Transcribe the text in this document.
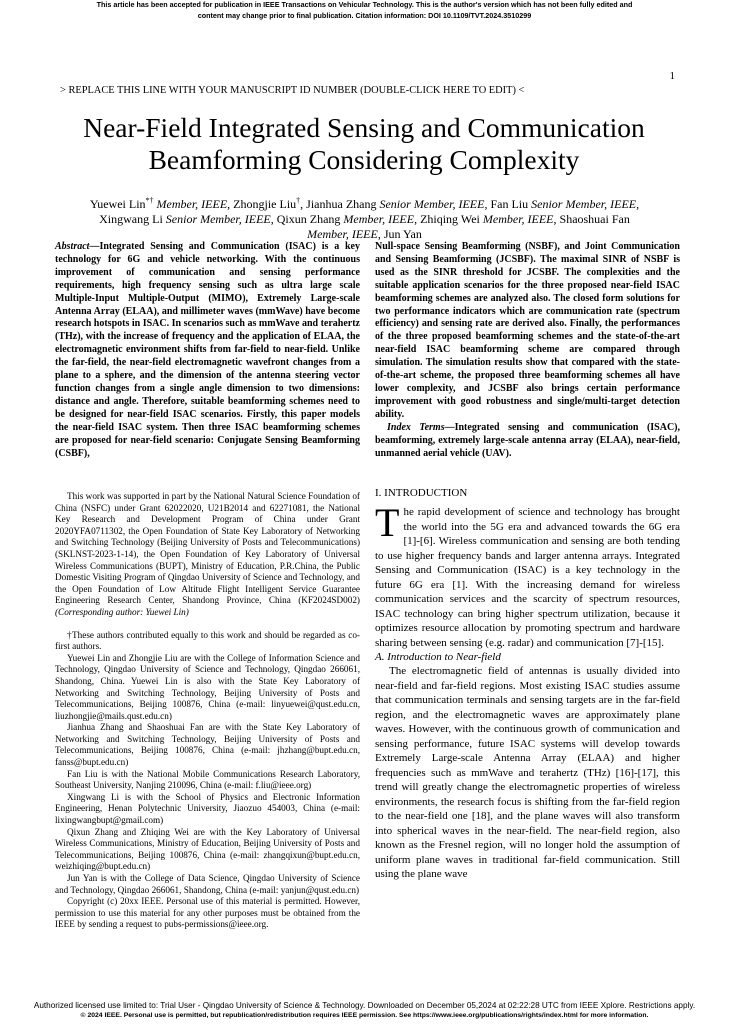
This article has been accepted for publication in IEEE Transactions on Vehicular Technology. This is the author's version which has not been fully edited and
content may change prior to final publication. Citation information: DOI 10.1109/TVT.2024.3510299
1
> REPLACE THIS LINE WITH YOUR MANUSCRIPT ID NUMBER (DOUBLE-CLICK HERE TO EDIT) <
Near-Field Integrated Sensing and Communication
Beamforming Considering Complexity
Yuewei Lin*† Member, IEEE, Zhongjie Liu†, Jianhua Zhang Senior Member, IEEE, Fan Liu Senior Member, IEEE,
Xingwang Li Senior Member, IEEE, Qixun Zhang Member, IEEE, Zhiqing Wei Member, IEEE, Shaoshuai Fan
Member, IEEE, Jun Yan
Abstract—Integrated Sensing and Communication (ISAC) is a key technology for 6G and vehicle networking. With the continuous improvement of communication and sensing performance requirements, high frequency sensing such as ultra large scale Multiple-Input Multiple-Output (MIMO), Extremely Large-scale Antenna Array (ELAA), and millimeter waves (mmWave) have become research hotspots in ISAC. In scenarios such as mmWave and terahertz (THz), with the increase of frequency and the application of ELAA, the electromagnetic environment shifts from far-field to near-field. Unlike the far-field, the near-field electromagnetic wavefront changes from a plane to a sphere, and the dimension of the antenna steering vector function changes from a single angle dimension to two dimensions: distance and angle. Therefore, suitable beamforming schemes need to be designed for near-field ISAC scenarios. Firstly, this paper models the near-field ISAC system. Then three ISAC beamforming schemes are proposed for near-field scenario: Conjugate Sensing Beamforming (CSBF),
Null-space Sensing Beamforming (NSBF), and Joint Communication and Sensing Beamforming (JCSBF). The maximal SINR of NSBF is used as the SINR threshold for JCSBF. The complexities and the suitable application scenarios for the three proposed near-field ISAC beamforming schemes are analyzed also. The closed form solutions for two performance indicators which are communication rate (spectrum efficiency) and sensing rate are derived also. Finally, the performances of the three proposed beamforming schemes and the state-of-the-art near-field ISAC beamforming scheme are compared through simulation. The simulation results show that compared with the state-of-the-art scheme, the proposed three beamforming schemes all have lower complexity, and JCSBF also brings certain performance improvement with good robustness and single/multi-target detection ability.
Index Terms—Integrated sensing and communication (ISAC), beamforming, extremely large-scale antenna array (ELAA), near-field, unmanned aerial vehicle (UAV).

This work was supported in part by the National Natural Science Foundation of China (NSFC) under Grant 62022020, U21B2014 and 62271081, the National Key Research and Development Program of China under Grant 2020YFA0711302, the Open Foundation of State Key Laboratory of Networking and Switching Technology (Beijing University of Posts and Telecommunications) (SKLNST-2023-1-14), the Open Foundation of Key Laboratory of Universal Wireless Communications (BUPT), Ministry of Education, P.R.China, the Public Domestic Visiting Program of Qingdao University of Science and Technology, and the Open Foundation of Low Altitude Flight Intelligent Service Guarantee Engineering Research Center, Shandong Province, China (KF2024SD002) (Corresponding author: Yuewei Lin)

†These authors contributed equally to this work and should be regarded as co-first authors.

Yuewei Lin and Zhongjie Liu are with the College of Information Science and Technology, Qingdao University of Science and Technology, Qingdao 266061, Shandong, China. Yuewei Lin is also with the State Key Laboratory of Networking and Switching Technology, Beijing University of Posts and Telecommunications, Beijing 100876, China (e-mail: linyuewei@qust.edu.cn, liuzhongjie@mails.qust.edu.cn)

Jianhua Zhang and Shaoshuai Fan are with the State Key Laboratory of Networking and Switching Technology, Beijing University of Posts and Telecommunications, Beijing 100876, China (e-mail: jhzhang@bupt.edu.cn, fanss@bupt.edu.cn)

Fan Liu is with the National Mobile Communications Research Laboratory, Southeast University, Nanjing 210096, China (e-mail: f.liu@ieee.org)

Xingwang Li is with the School of Physics and Electronic Information Engineering, Henan Polytechnic University, Jiaozuo 454003, China (e-mail: lixingwangbupt@gmail.com)

Qixun Zhang and Zhiqing Wei are with the Key Laboratory of Universal Wireless Communications, Ministry of Education, Beijing University of Posts and Telecommunications, Beijing 100876, China (e-mail: zhangqixun@bupt.edu.cn, weizhiqing@bupt.edu.cn)

Jun Yan is with the College of Data Science, Qingdao University of Science and Technology, Qingdao 266061, Shandong, China (e-mail: yanjun@qust.edu.cn)

Copyright (c) 20xx IEEE. Personal use of this material is permitted. However, permission to use this material for any other purposes must be obtained from the IEEE by sending a request to pubs-permissions@ieee.org.

I. INTRODUCTION

The rapid development of science and technology has brought the world into the 5G era and advanced towards the 6G era [1]-[6]. Wireless communication and sensing are both tending to use higher frequency bands and larger antenna arrays. Integrated Sensing and Communication (ISAC) is a key technology in the future 6G era [1]. With the increasing demand for wireless communication services and the scarcity of spectrum resources, ISAC technology can bring higher spectrum utilization, because it optimizes resource allocation by promoting spectrum and hardware sharing between sensing (e.g. radar) and communication [7]-[15].

A. Introduction to Near-field

The electromagnetic field of antennas is usually divided into near-field and far-field regions. Most existing ISAC studies assume that communication terminals and sensing targets are in the far-field region, and the electromagnetic waves are approximately plane waves. However, with the continuous growth of communication and sensing performance, future ISAC systems will develop towards Extremely Large-scale Antenna Array (ELAA) and higher frequencies such as mmWave and terahertz (THz) [16]-[17], this trend will greatly change the electromagnetic properties of wireless environments, the research focus is shifting from the far-field region to the near-field one [18], and the plane waves will also transform into spherical waves in the near-field. The near-field region, also known as the Fresnel region, will no longer hold the assumption of uniform plane waves in traditional far-field communication. Still using the plane wave

Authorized licensed use limited to: Trial User - Qingdao University of Science & Technology. Downloaded on December 05,2024 at 02:22:28 UTC from IEEE Xplore. Restrictions apply.
© 2024 IEEE. Personal use is permitted, but republication/redistribution requires IEEE permission. See https://www.ieee.org/publications/rights/index.html for more information.
